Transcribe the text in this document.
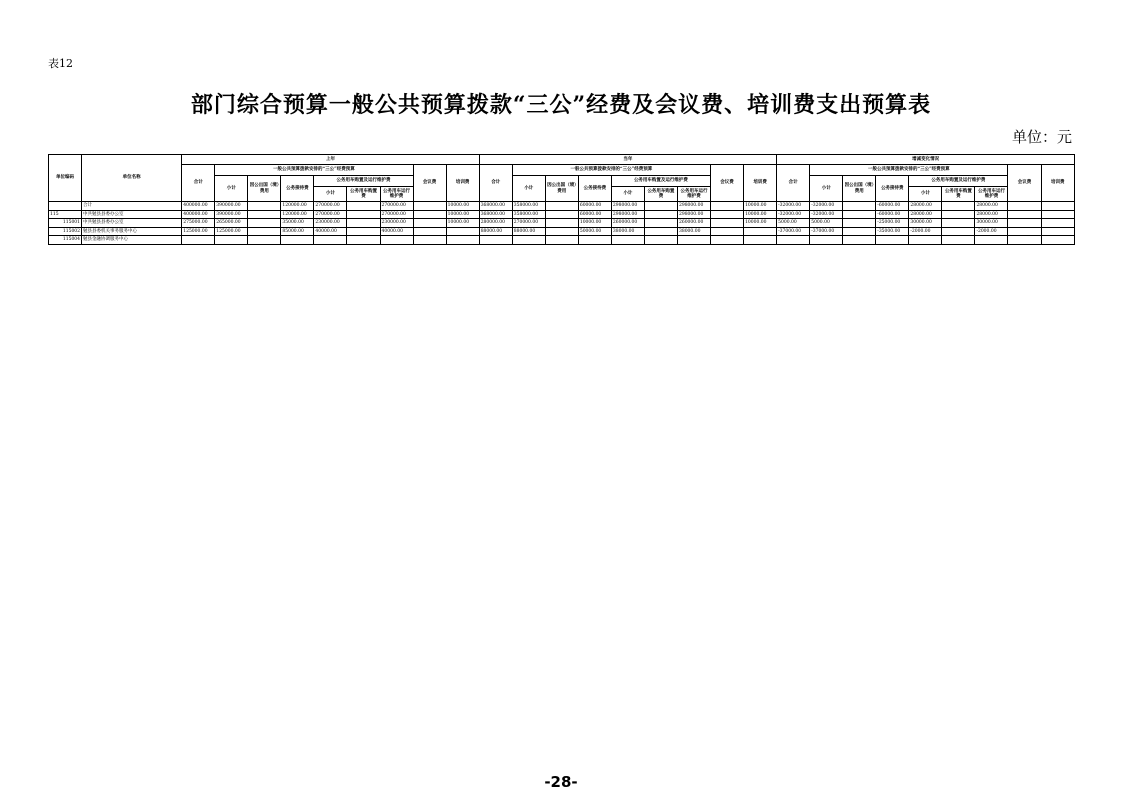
表12
部门综合预算一般公共预算拨款“三公”经费及会议费、培训费支出预算表
单位：元
单位编码	单位名称	上年									当年									增减变化情况								
		合计	一般公共预算拨款安排的“三公”经费预算						会议费	培训费	合计	一般公共预算拨款安排的“三公”经费预算						会议费	培训费	合计	一般公共预算拨款安排的“三公”经费预算						会议费	培训费
			小计	因公出国（境）费用	公务接待费	公务用车购置及运行维护费						小计	因公出国（境）费用	公务接待费	公务用车购置及运行维护费						小计	因公出国（境）费用	公务接待费	公务用车购置及运行维护费				
						小计	公务用车购置费	公务用车运行维护费							小计	公务用车购置费	公务用车运行维护费							小计	公务用车购置费	公务用车运行维护费		
	合计	400000.00	390000.00		120000.00	270000.00		270000.00		10000.00	368000.00	358000.00		60000.00	298000.00		298000.00		10000.00	-32000.00	-32000.00		-60000.00	28000.00		28000.00		
115	中共勉县县委办公室	400000.00	390000.00		120000.00	270000.00		270000.00		10000.00	368000.00	358000.00		60000.00	298000.00		298000.00		10000.00	-32000.00	-32000.00		-60000.00	28000.00		28000.00		
115001	中共勉县县委办公室	275000.00	265000.00		35000.00	230000.00		230000.00		10000.00	280000.00	270000.00		10000.00	260000.00		260000.00		10000.00	5000.00	5000.00		-25000.00	30000.00		30000.00		
115002	勉县县委机关事务服务中心	125000.00	125000.00		85000.00	40000.00		40000.00			88000.00	88000.00		50000.00	38000.00		38000.00			-37000.00	-37000.00		-35000.00	-2000.00		-2000.00		
115004	勉县金融协调服务中心																											
-28-
